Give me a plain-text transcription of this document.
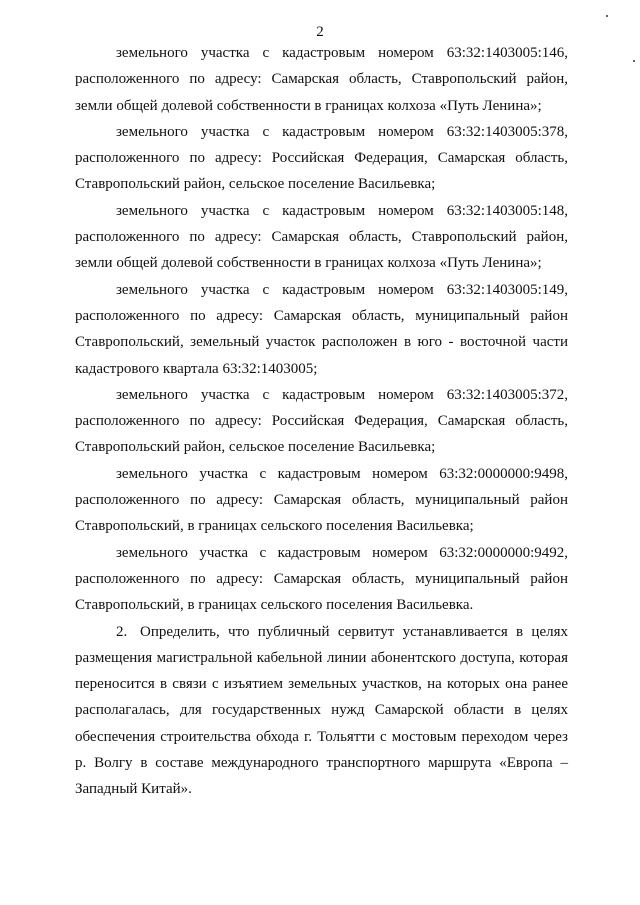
2

земельного участка с кадастровым номером 63:32:1403005:146, расположенного по адресу: Самарская область, Ставропольский район, земли общей долевой собственности в границах колхоза «Путь Ленина»;

земельного участка с кадастровым номером 63:32:1403005:378, расположенного по адресу: Российская Федерация, Самарская область, Ставропольский район, сельское поселение Васильевка;

земельного участка с кадастровым номером 63:32:1403005:148, расположенного по адресу: Самарская область, Ставропольский район, земли общей долевой собственности в границах колхоза «Путь Ленина»;

земельного участка с кадастровым номером 63:32:1403005:149, расположенного по адресу: Самарская область, муниципальный район Ставропольский, земельный участок расположен в юго - восточной части кадастрового квартала 63:32:1403005;

земельного участка с кадастровым номером 63:32:1403005:372, расположенного по адресу: Российская Федерация, Самарская область, Ставропольский район, сельское поселение Васильевка;

земельного участка с кадастровым номером 63:32:0000000:9498, расположенного по адресу: Самарская область, муниципальный район Ставропольский, в границах сельского поселения Васильевка;

земельного участка с кадастровым номером 63:32:0000000:9492, расположенного по адресу: Самарская область, муниципальный район Ставропольский, в границах сельского поселения Васильевка.

2. Определить, что публичный сервитут устанавливается в целях размещения магистральной кабельной линии абонентского доступа, которая переносится в связи с изъятием земельных участков, на которых она ранее располагалась, для государственных нужд Самарской области в целях обеспечения строительства обхода г. Тольятти с мостовым переходом через р. Волгу в составе международного транспортного маршрута «Европа – Западный Китай».
